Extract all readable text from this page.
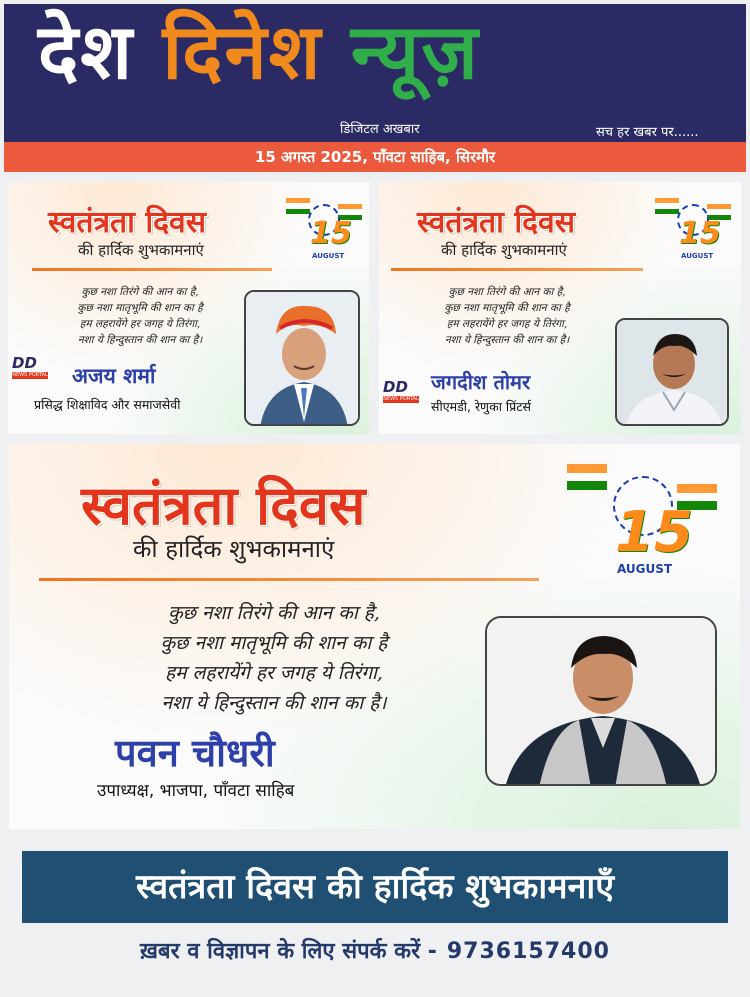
देश दिनेश न्यूज़
डिजिटल अखबार	सच हर खबर पर......
15 अगस्त 2025, पाँवटा साहिब, सिरमौर
स्वतंत्रता दिवस
की हार्दिक शुभकामनाएं	15
AUGUST
कुछ नशा तिरंगे की आन का है,
कुछ नशा मातृभूमि की शान का है
हम लहरायेंगे हर जगह ये तिरंगा,
नशा ये हिन्दुस्तान की शान का है।
DD
NEWS PORTAL अजय शर्मा
प्रसिद्ध शिक्षाविद और समाजसेवी
स्वतंत्रता दिवस
की हार्दिक शुभकामनाएं	15
AUGUST
कुछ नशा तिरंगे की आन का है,
कुछ नशा मातृभूमि की शान का है
हम लहरायेंगे हर जगह ये तिरंगा,
नशा ये हिन्दुस्तान की शान का है।
DD
NEWS PORTAL
जगदीश तोमर
सीएमडी, रेणुका प्रिंटर्स
स्वतंत्रता दिवस
की हार्दिक शुभकामनाएं	15
AUGUST
कुछ नशा तिरंगे की आन का है,
कुछ नशा मातृभूमि की शान का है
हम लहरायेंगे हर जगह ये तिरंगा,
नशा ये हिन्दुस्तान की शान का है।
पवन चौधरी
उपाध्यक्ष, भाजपा, पाँवटा साहिब
स्वतंत्रता दिवस की हार्दिक शुभकामनाएँ
ख़बर व विज्ञापन के लिए संपर्क करें - 9736157400
